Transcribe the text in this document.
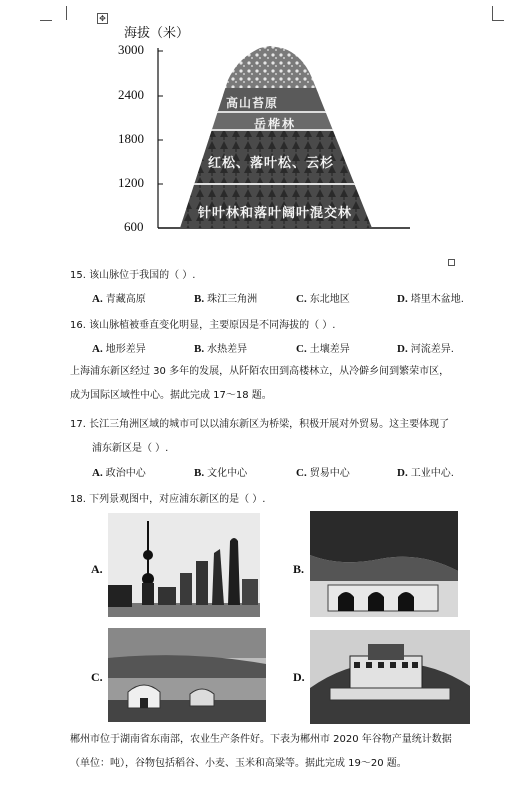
✥
海拔（米）
3000
2400
1800
1200
600
高山苔原
岳桦林
红松、落叶松、云杉
针叶林和落叶阔叶混交林
15. 该山脉位于我国的（ ）.
A. 青藏高原	B. 珠江三角洲	C. 东北地区	D. 塔里木盆地.
16. 该山脉植被垂直变化明显，主要原因是不同海拔的（ ）.
A. 地形差异	B. 水热差异	C. 土壤差异	D. 河流差异.
上海浦东新区经过 30 多年的发展，从阡陌农田到高楼林立，从冷僻乡间到繁荣市区，
成为国际区域性中心。据此完成 17～18 题。
17. 长江三角洲区域的城市可以以浦东新区为桥梁，积极开展对外贸易。这主要体现了
浦东新区是（ ）.
A. 政治中心	B. 文化中心	C. 贸易中心	D. 工业中心.
18. 下列景观图中，对应浦东新区的是（ ）.
A.	B.
C.	D.
郴州市位于湖南省东南部，农业生产条件好。下表为郴州市 2020 年谷物产量统计数据
（单位：吨），谷物包括稻谷、小麦、玉米和高粱等。据此完成 19～20 题。
